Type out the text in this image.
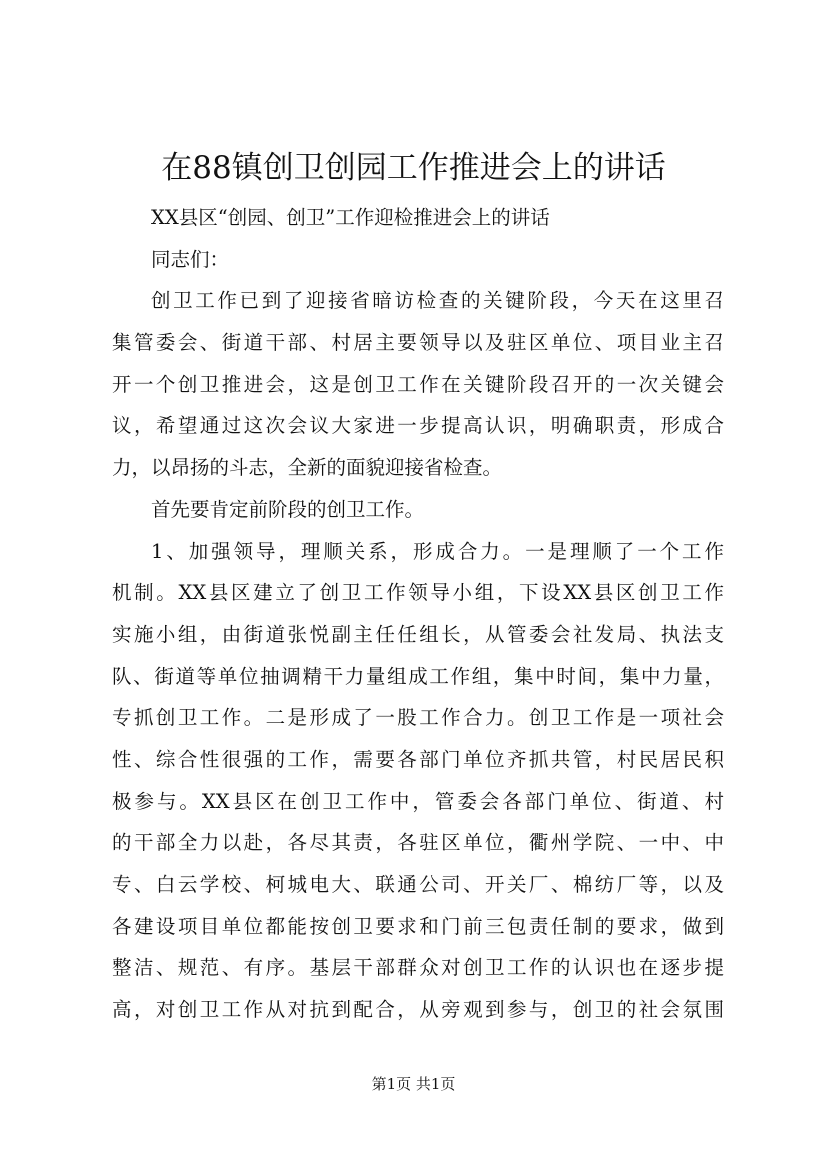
在88镇创卫创园工作推进会上的讲话
XX县区“创园、创卫”工作迎检推进会上的讲话
同志们：
创卫工作已到了迎接省暗访检查的关键阶段，今天在这里召
集管委会、街道干部、村居主要领导以及驻区单位、项目业主召
开一个创卫推进会，这是创卫工作在关键阶段召开的一次关键会
议，希望通过这次会议大家进一步提高认识，明确职责，形成合
力，以昂扬的斗志，全新的面貌迎接省检查。
首先要肯定前阶段的创卫工作。
1、加强领导，理顺关系，形成合力。一是理顺了一个工作
机制。XX县区建立了创卫工作领导小组，下设XX县区创卫工作
实施小组，由街道张悦副主任任组长，从管委会社发局、执法支
队、街道等单位抽调精干力量组成工作组，集中时间，集中力量，
专抓创卫工作。二是形成了一股工作合力。创卫工作是一项社会
性、综合性很强的工作，需要各部门单位齐抓共管，村民居民积
极参与。XX县区在创卫工作中，管委会各部门单位、街道、村
的干部全力以赴，各尽其责，各驻区单位，衢州学院、一中、中
专、白云学校、柯城电大、联通公司、开关厂、棉纺厂等，以及
各建设项目单位都能按创卫要求和门前三包责任制的要求，做到
整洁、规范、有序。基层干部群众对创卫工作的认识也在逐步提
高，对创卫工作从对抗到配合，从旁观到参与，创卫的社会氛围
第1页 共1页
